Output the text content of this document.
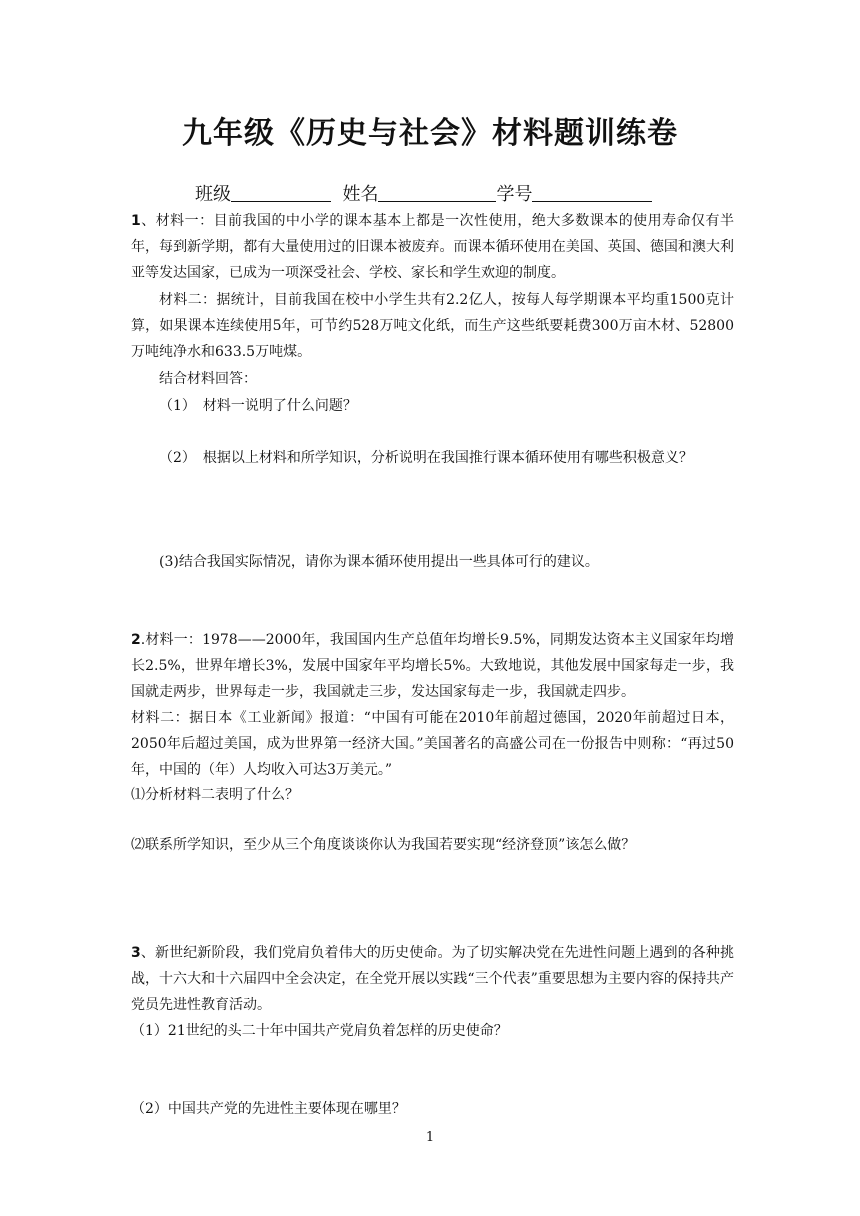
九年级《历史与社会》材料题训练卷
班级	姓名	学号
1、材料一：目前我国的中小学的课本基本上都是一次性使用，绝大多数课本的使用寿命仅有半年，每到新学期，都有大量使用过的旧课本被废弃。而课本循环使用在美国、英国、德国和澳大利亚等发达国家，已成为一项深受社会、学校、家长和学生欢迎的制度。
材料二：据统计，目前我国在校中小学生共有2.2亿人，按每人每学期课本平均重1500克计算，如果课本连续使用5年，可节约528万吨文化纸，而生产这些纸要耗费300万亩木材、52800万吨纯净水和633.5万吨煤。
结合材料回答：
（1）　材料一说明了什么问题？
（2）　根据以上材料和所学知识，分析说明在我国推行课本循环使用有哪些积极意义？
(3)结合我国实际情况，请你为课本循环使用提出一些具体可行的建议。
2.材料一：1978——2000年，我国国内生产总值年均增长9.5%，同期发达资本主义国家年均增长2.5%，世界年增长3%，发展中国家年平均增长5%。大致地说，其他发展中国家每走一步，我国就走两步，世界每走一步，我国就走三步，发达国家每走一步，我国就走四步。
材料二：据日本《工业新闻》报道：“中国有可能在2010年前超过德国，2020年前超过日本，2050年后超过美国，成为世界第一经济大国。”美国著名的高盛公司在一份报告中则称：“再过50年，中国的（年）人均收入可达3万美元。”
⑴分析材料二表明了什么？
⑵联系所学知识，至少从三个角度谈谈你认为我国若要实现“经济登顶”该怎么做？
3、新世纪新阶段，我们党肩负着伟大的历史使命。为了切实解决党在先进性问题上遇到的各种挑战，十六大和十六届四中全会决定，在全党开展以实践“三个代表”重要思想为主要内容的保持共产党员先进性教育活动。
（1）21世纪的头二十年中国共产党肩负着怎样的历史使命？
（2）中国共产党的先进性主要体现在哪里？
1
